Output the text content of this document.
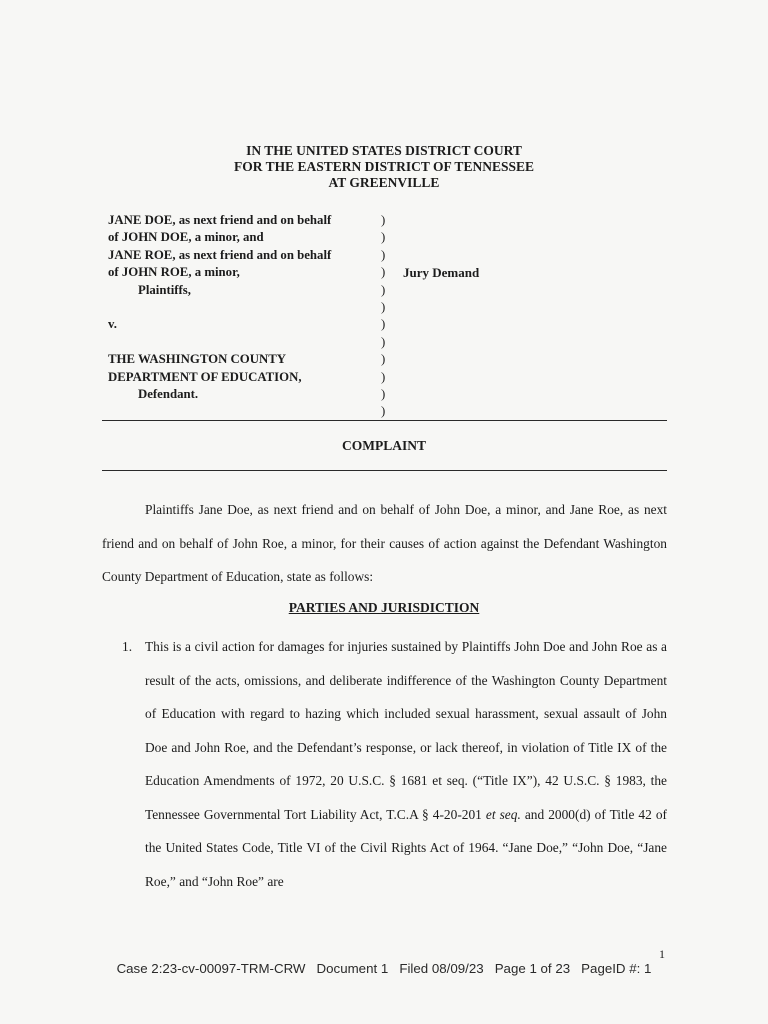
IN THE UNITED STATES DISTRICT COURT
FOR THE EASTERN DISTRICT OF TENNESSEE
AT GREENVILLE
JANE DOE, as next friend and on behalf
of JOHN DOE, a minor, and
JANE ROE, as next friend and on behalf
of JOHN ROE, a minor,
Plaintiffs,
v.
THE WASHINGTON COUNTY
DEPARTMENT OF EDUCATION,
Defendant.
)
)
)
)
)
)
)
)
)
)
)
)
Jury Demand
COMPLAINT
Plaintiffs Jane Doe, as next friend and on behalf of John Doe, a minor, and Jane Roe, as next friend and on behalf of John Roe, a minor, for their causes of action against the Defendant Washington County Department of Education, state as follows:
PARTIES AND JURISDICTION
1. This is a civil action for damages for injuries sustained by Plaintiffs John Doe and John Roe as a result of the acts, omissions, and deliberate indifference of the Washington County Department of Education with regard to hazing which included sexual harassment, sexual assault of John Doe and John Roe, and the Defendant’s response, or lack thereof, in violation of Title IX of the Education Amendments of 1972, 20 U.S.C. § 1681 et seq. (“Title IX”), 42 U.S.C. § 1983, the Tennessee Governmental Tort Liability Act, T.C.A § 4-20-201 et seq. and 2000(d) of Title 42 of the United States Code, Title VI of the Civil Rights Act of 1964. “Jane Doe,” “John Doe, “Jane Roe,” and “John Roe” are
1
Case 2:23-cv-00097-TRM-CRW   Document 1   Filed 08/09/23   Page 1 of 23   PageID #: 1
